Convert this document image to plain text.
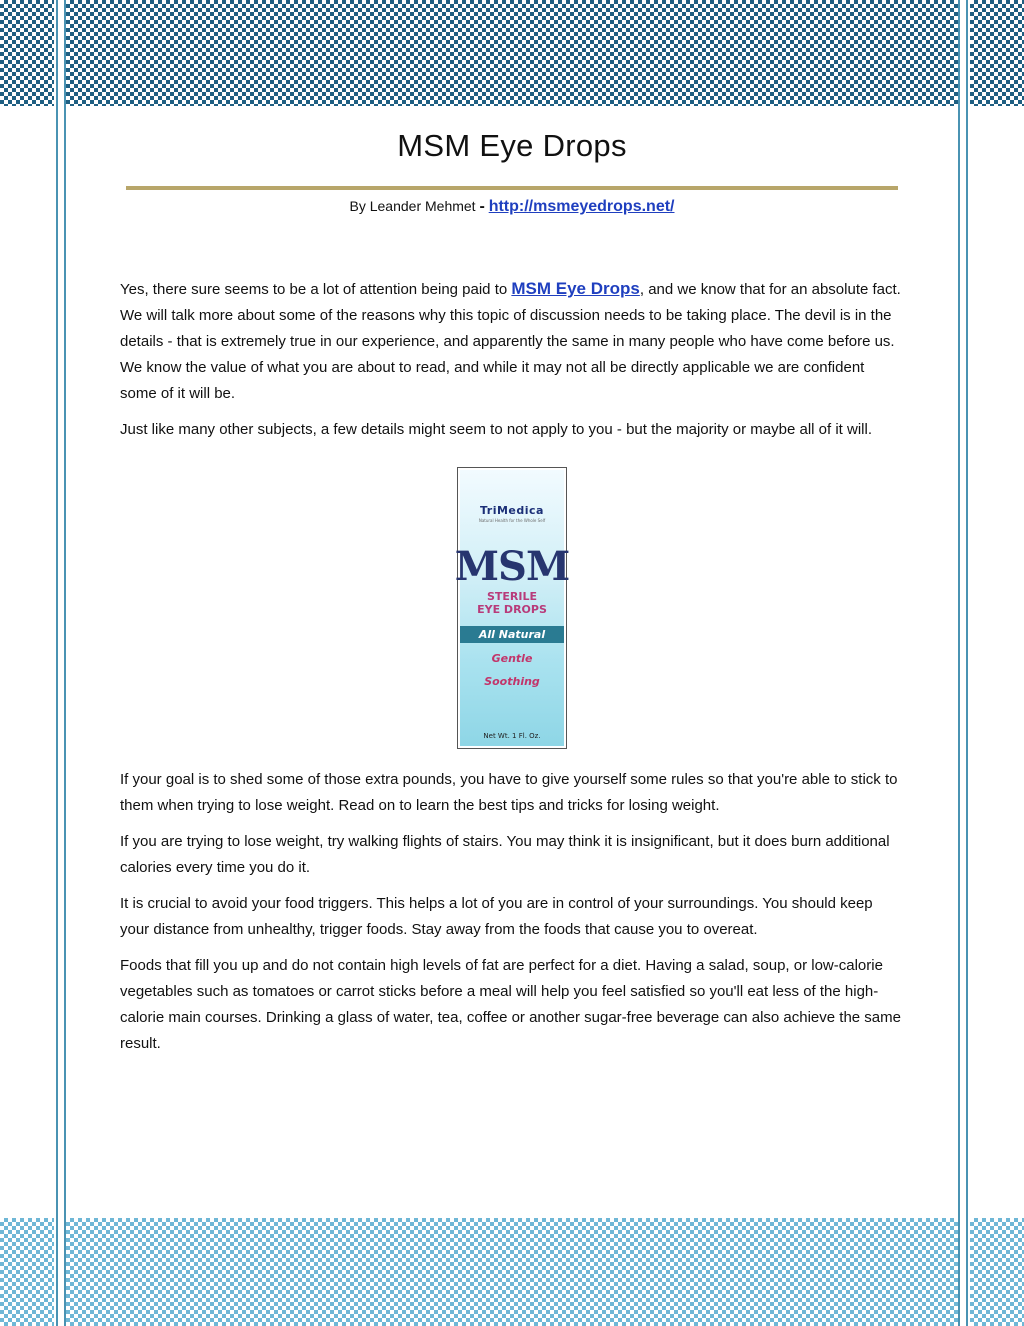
MSM Eye Drops
By Leander Mehmet - http://msmeyedrops.net/

Yes, there sure seems to be a lot of attention being paid to MSM Eye Drops, and we know that for an absolute fact. We will talk more about some of the reasons why this topic of discussion needs to be taking place. The devil is in the details - that is extremely true in our experience, and apparently the same in many people who have come before us. We know the value of what you are about to read, and while it may not all be directly applicable we are confident some of it will be.

Just like many other subjects, a few details might seem to not apply to you - but the majority or maybe all of it will.

TriMedica
Natural Health for the Whole Self
MSM
STERILE
EYE DROPS
All Natural
Gentle
Soothing
Net Wt. 1 Fl. Oz.

If your goal is to shed some of those extra pounds, you have to give yourself some rules so that you're able to stick to them when trying to lose weight. Read on to learn the best tips and tricks for losing weight.

If you are trying to lose weight, try walking flights of stairs. You may think it is insignificant, but it does burn additional calories every time you do it.

It is crucial to avoid your food triggers. This helps a lot of you are in control of your surroundings. You should keep your distance from unhealthy, trigger foods. Stay away from the foods that cause you to overeat.

Foods that fill you up and do not contain high levels of fat are perfect for a diet. Having a salad, soup, or low-calorie vegetables such as tomatoes or carrot sticks before a meal will help you feel satisfied so you'll eat less of the high-calorie main courses. Drinking a glass of water, tea, coffee or another sugar-free beverage can also achieve the same result.
